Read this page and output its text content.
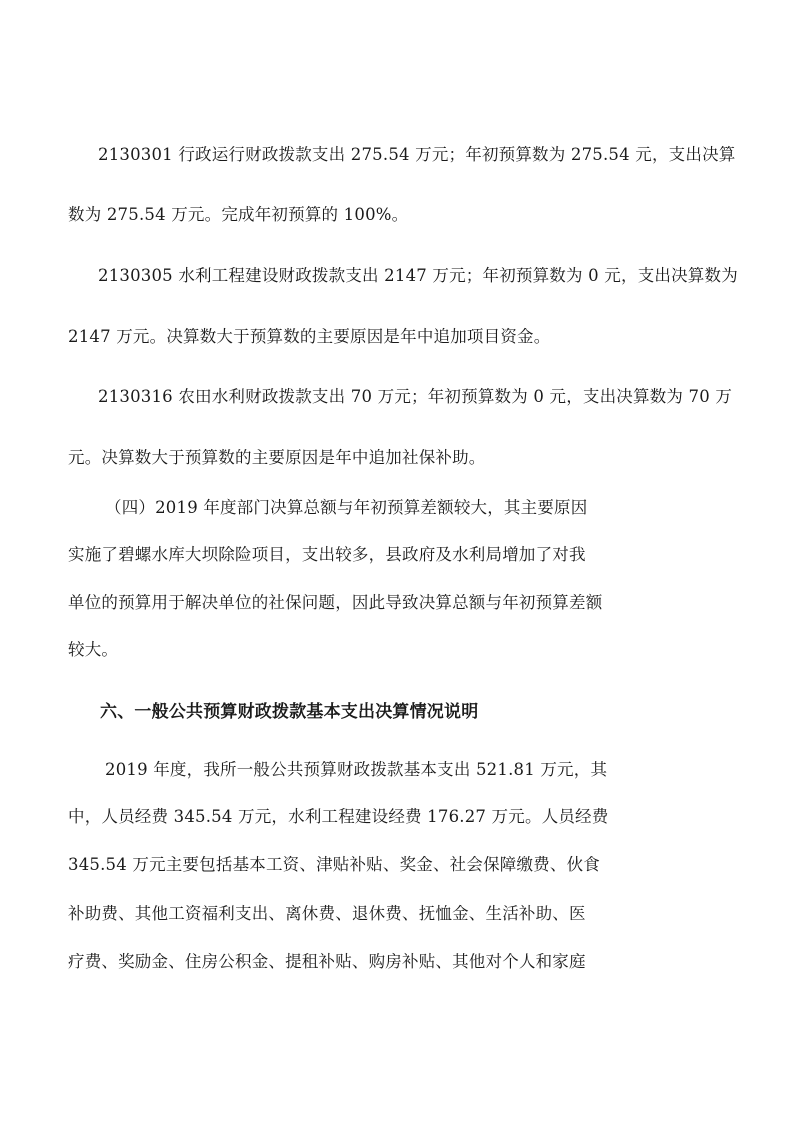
2130301 行政运行财政拨款支出 275.54 万元；年初预算数为 275.54 元，支出决算
数为 275.54 万元。完成年初预算的 100%。
2130305 水利工程建设财政拨款支出 2147 万元；年初预算数为 0 元，支出决算数为
2147 万元。决算数大于预算数的主要原因是年中追加项目资金。
2130316 农田水利财政拨款支出 70 万元；年初预算数为 0 元，支出决算数为 70 万
元。决算数大于预算数的主要原因是年中追加社保补助。
（四）2019 年度部门决算总额与年初预算差额较大，其主要原因
实施了碧螺水库大坝除险项目，支出较多，县政府及水利局增加了对我
单位的预算用于解决单位的社保问题，因此导致决算总额与年初预算差额
较大。
六、一般公共预算财政拨款基本支出决算情况说明
2019 年度，我所一般公共预算财政拨款基本支出 521.81 万元，其
中，人员经费 345.54 万元，水利工程建设经费 176.27 万元。人员经费
345.54 万元主要包括基本工资、津贴补贴、奖金、社会保障缴费、伙食
补助费、其他工资福利支出、离休费、退休费、抚恤金、生活补助、医
疗费、奖励金、住房公积金、提租补贴、购房补贴、其他对个人和家庭
